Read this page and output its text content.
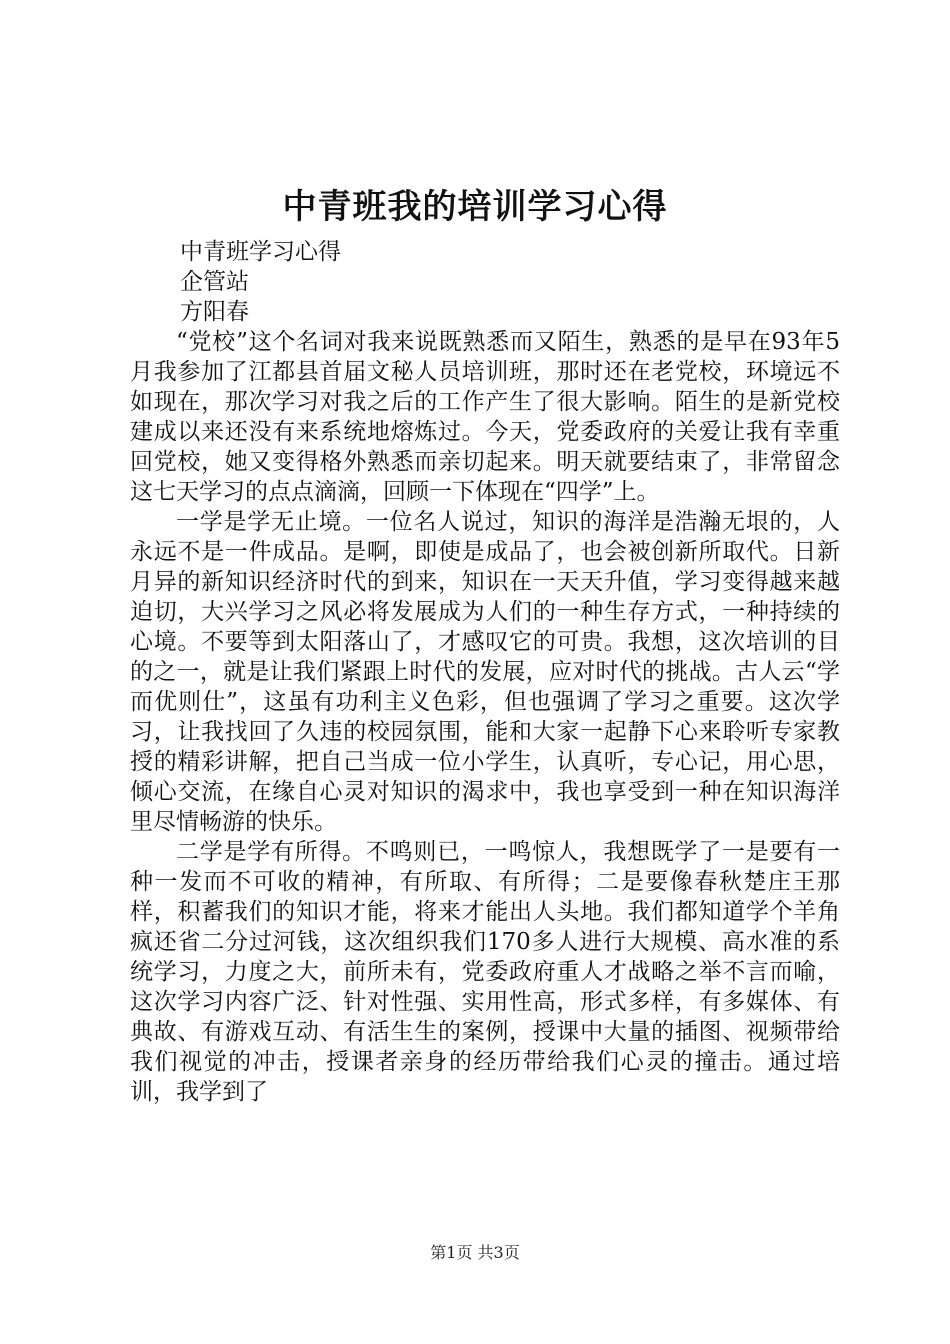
中青班我的培训学习心得
中青班学习心得
企管站
方阳春

“党校”这个名词对我来说既熟悉而又陌生，熟悉的是早在93年5月我参加了江都县首届文秘人员培训班，那时还在老党校，环境远不如现在，那次学习对我之后的工作产生了很大影响。陌生的是新党校建成以来还没有来系统地熔炼过。今天，党委政府的关爱让我有幸重回党校，她又变得格外熟悉而亲切起来。明天就要结束了，非常留念这七天学习的点点滴滴，回顾一下体现在“四学”上。

一学是学无止境。一位名人说过，知识的海洋是浩瀚无垠的，人永远不是一件成品。是啊，即使是成品了，也会被创新所取代。日新月异的新知识经济时代的到来，知识在一天天升值，学习变得越来越迫切，大兴学习之风必将发展成为人们的一种生存方式，一种持续的心境。不要等到太阳落山了，才感叹它的可贵。我想，这次培训的目的之一，就是让我们紧跟上时代的发展，应对时代的挑战。古人云“学而优则仕”，这虽有功利主义色彩，但也强调了学习之重要。这次学习，让我找回了久违的校园氛围，能和大家一起静下心来聆听专家教授的精彩讲解，把自己当成一位小学生，认真听，专心记，用心思，倾心交流，在缘自心灵对知识的渴求中，我也享受到一种在知识海洋里尽情畅游的快乐。

二学是学有所得。不鸣则已，一鸣惊人，我想既学了一是要有一种一发而不可收的精神，有所取、有所得；二是要像春秋楚庄王那样，积蓄我们的知识才能，将来才能出人头地。我们都知道学个羊角疯还省二分过河钱，这次组织我们170多人进行大规模、高水准的系统学习，力度之大，前所未有，党委政府重人才战略之举不言而喻，这次学习内容广泛、针对性强、实用性高，形式多样，有多媒体、有典故、有游戏互动、有活生生的案例，授课中大量的插图、视频带给我们视觉的冲击，授课者亲身的经历带给我们心灵的撞击。通过培训，我学到了

第1页 共3页
